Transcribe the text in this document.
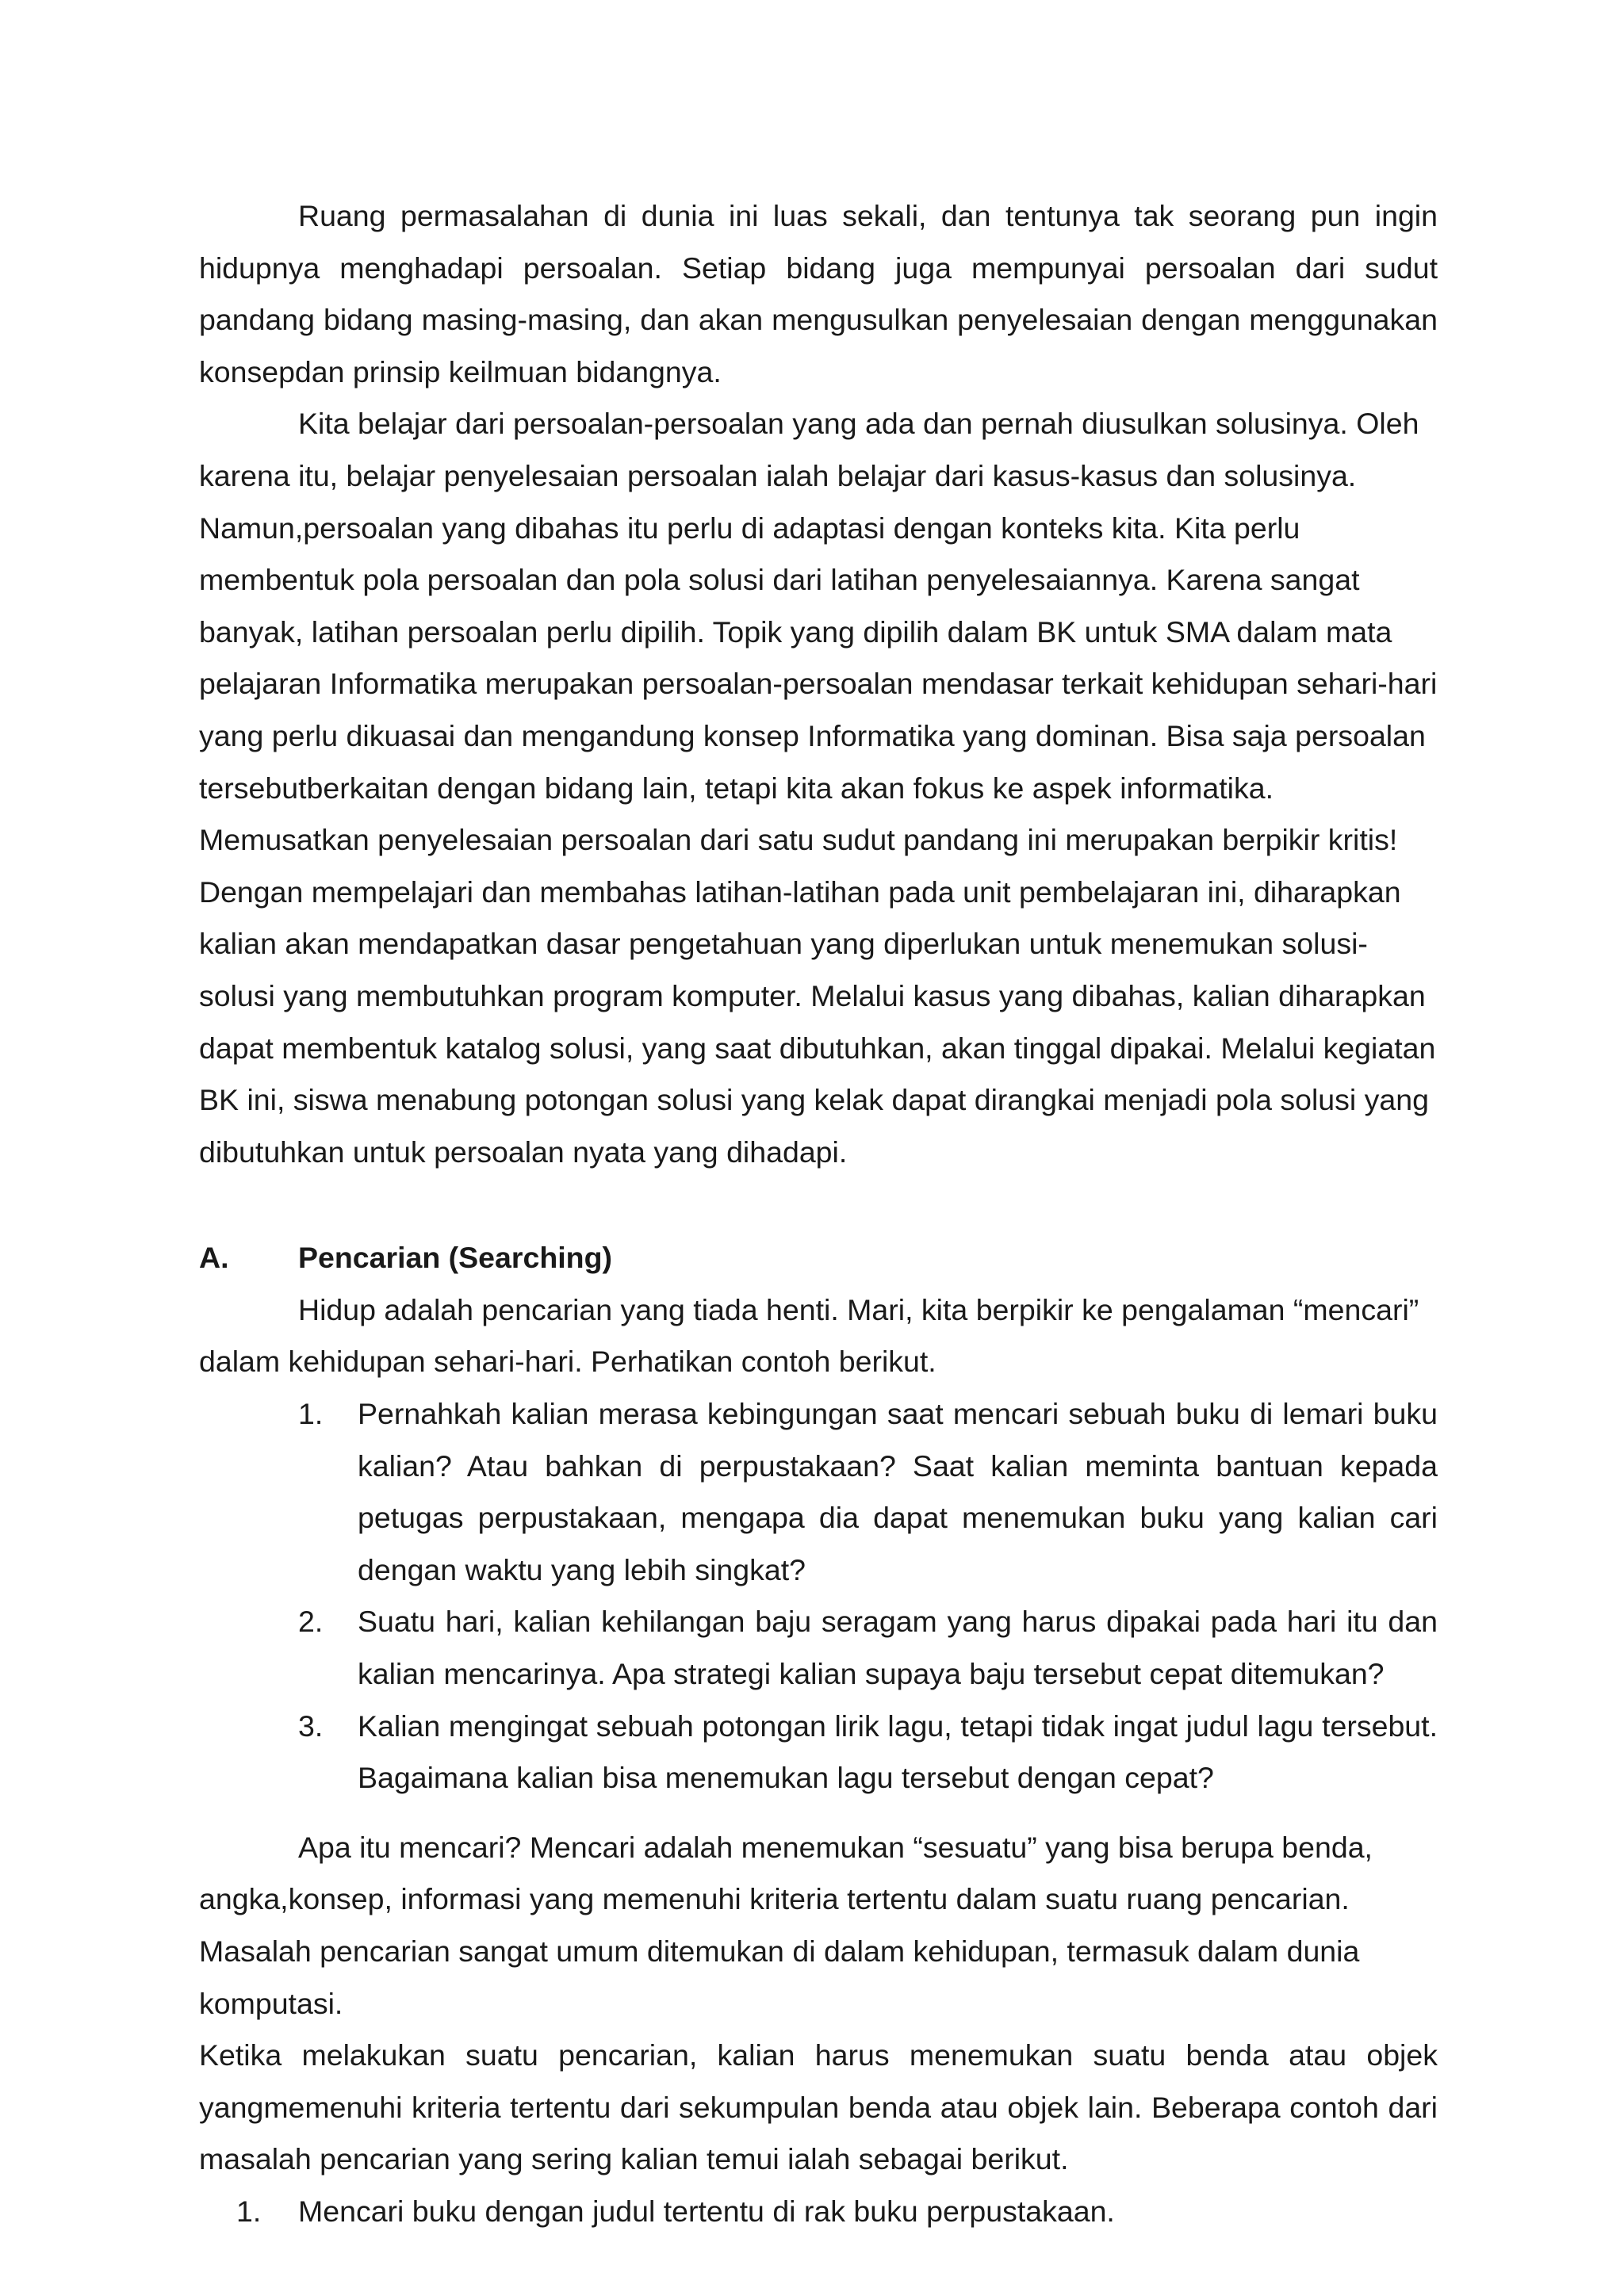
Ruang permasalahan di dunia ini luas sekali, dan tentunya tak seorang pun ingin hidupnya menghadapi persoalan. Setiap bidang juga mempunyai persoalan dari sudut pandang bidang masing-masing, dan akan mengusulkan penyelesaian dengan menggunakan konsepdan prinsip keilmuan bidangnya.

Kita belajar dari persoalan-persoalan yang ada dan pernah diusulkan solusinya. Oleh karena itu, belajar penyelesaian persoalan ialah belajar dari kasus-kasus dan solusinya. Namun,persoalan yang dibahas itu perlu di adaptasi dengan konteks kita. Kita perlu membentuk pola persoalan dan pola solusi dari latihan penyelesaiannya. Karena sangat banyak, latihan persoalan perlu dipilih. Topik yang dipilih dalam BK untuk SMA dalam mata pelajaran Informatika merupakan persoalan-persoalan mendasar terkait kehidupan sehari-hari yang perlu dikuasai dan mengandung konsep Informatika yang dominan. Bisa saja persoalan tersebutberkaitan dengan bidang lain, tetapi kita akan fokus ke aspek informatika. Memusatkan penyelesaian persoalan dari satu sudut pandang ini merupakan berpikir kritis! Dengan mempelajari dan membahas latihan-latihan pada unit pembelajaran ini, diharapkan kalian akan mendapatkan dasar pengetahuan yang diperlukan untuk menemukan solusi-solusi yang membutuhkan program komputer. Melalui kasus yang dibahas, kalian diharapkan dapat membentuk katalog solusi, yang saat dibutuhkan, akan tinggal dipakai. Melalui kegiatan BK ini, siswa menabung potongan solusi yang kelak dapat dirangkai menjadi pola solusi yang dibutuhkan untuk persoalan nyata yang dihadapi.

A.	Pencarian (Searching)

Hidup adalah pencarian yang tiada henti. Mari, kita berpikir ke pengalaman “mencari” dalam kehidupan sehari-hari. Perhatikan contoh berikut.

1.	Pernahkah kalian merasa kebingungan saat mencari sebuah buku di lemari buku kalian? Atau bahkan di perpustakaan? Saat kalian meminta bantuan kepada petugas perpustakaan, mengapa dia dapat menemukan buku yang kalian cari dengan waktu yang lebih singkat?
2.	Suatu hari, kalian kehilangan baju seragam yang harus dipakai pada hari itu dan kalian mencarinya. Apa strategi kalian supaya baju tersebut cepat ditemukan?
3.	Kalian mengingat sebuah potongan lirik lagu, tetapi tidak ingat judul lagu tersebut. Bagaimana kalian bisa menemukan lagu tersebut dengan cepat?

Apa itu mencari? Mencari adalah menemukan “sesuatu” yang bisa berupa benda, angka,konsep, informasi yang memenuhi kriteria tertentu dalam suatu ruang pencarian. Masalah pencarian sangat umum ditemukan di dalam kehidupan, termasuk dalam dunia komputasi.

Ketika melakukan suatu pencarian, kalian harus menemukan suatu benda atau objek yangmemenuhi kriteria tertentu dari sekumpulan benda atau objek lain. Beberapa contoh dari masalah pencarian yang sering kalian temui ialah sebagai berikut.

1.	Mencari buku dengan judul tertentu di rak buku perpustakaan.
